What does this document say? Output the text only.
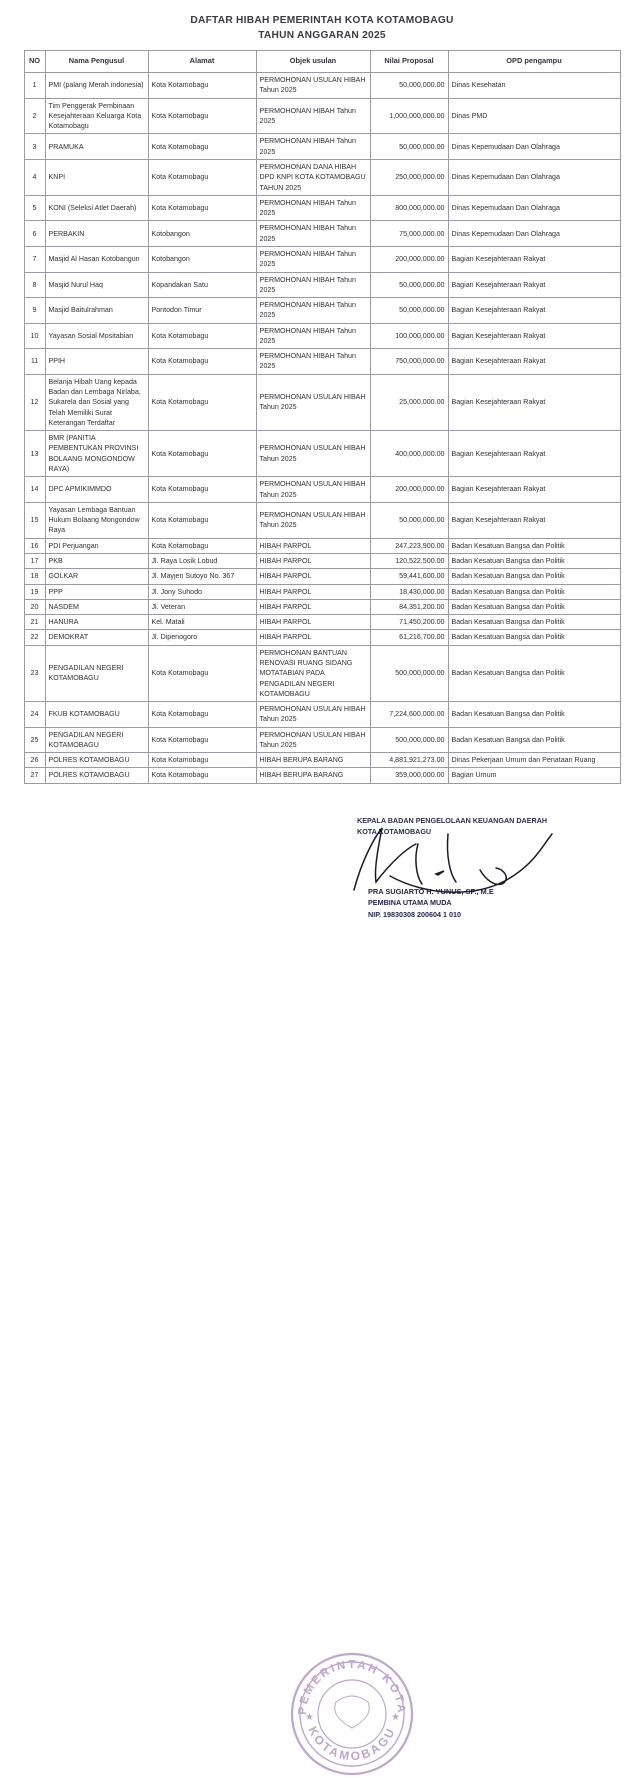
DAFTAR HIBAH PEMERINTAH KOTA KOTAMOBAGU
TAHUN ANGGARAN 2025
NO	Nama Pengusul	Alamat	Objek usulan	Nilai Proposal	OPD pengampu
1	PMI (palang Merah indonesia)	Kota Kotamobagu	PERMOHONAN USULAN HIBAH Tahun 2025	50,000,000.00	Dinas Kesehatan
2	Tim Penggerak Pembinaan Kesejahteraan Keluarga Kota Kotamobagu	Kota Kotamobagu	PERMOHONAN HIBAH Tahun 2025	1,000,000,000.00	Dinas PMD
3	PRAMUKA	Kota Kotamobagu	PERMOHONAN HIBAH Tahun 2025	50,000,000.00	Dinas Kepemudaan Dan Olahraga
4	KNPI	Kota Kotamobagu	PERMOHONAN DANA HIBAH DPD KNPI KOTA KOTAMOBAGU TAHUN 2025	250,000,000.00	Dinas Kepemudaan Dan Olahraga
5	KONI (Seleksi Atlet Daerah)	Kota Kotamobagu	PERMOHONAN HIBAH Tahun 2025	800,000,000.00	Dinas Kepemudaan Dan Olahraga
6	PERBAKIN	Kotobangon	PERMOHONAN HIBAH Tahun 2025	75,000,000.00	Dinas Kepemudaan Dan Olahraga
7	Masjid Al Hasan Kotobangun	Kotobangon	PERMOHONAN HIBAH Tahun 2025	200,000,000.00	Bagian Kesejahteraan Rakyat
8	Masjid Nurul Haq	Kopandakan Satu	PERMOHONAN HIBAH Tahun 2025	50,000,000.00	Bagian Kesejahteraan Rakyat
9	Masjid Baitulrahman	Pontodon Timur	PERMOHONAN HIBAH Tahun 2025	50,000,000.00	Bagian Kesejahteraan Rakyat
10	Yayasan Sosial Mositabian	Kota Kotamobagu	PERMOHONAN HIBAH Tahun 2025	100,000,000.00	Bagian Kesejahteraan Rakyat
11	PPIH	Kota Kotamobagu	PERMOHONAN HIBAH Tahun 2025	750,000,000.00	Bagian Kesejahteraan Rakyat
12	Belanja Hibah Uang kepada Badan dan Lembaga Nirlaba, Sukarela dan Sosial yang Telah Memiliki Surat Keterangan Terdaftar	Kota Kotamobagu	PERMOHONAN USULAN HIBAH Tahun 2025	25,000,000.00	Bagian Kesejahteraan Rakyat
13	BMR (PANITIA PEMBENTUKAN PROVINSI BOLAANG MONGONDOW RAYA)	Kota Kotamobagu	PERMOHONAN USULAN HIBAH Tahun 2025	400,000,000.00	Bagian Kesejahteraan Rakyat
14	DPC APMIKIMMDO	Kota Kotamobagu	PERMOHONAN USULAN HIBAH Tahun 2025	200,000,000.00	Bagian Kesejahteraan Rakyat
15	Yayasan Lembaga Bantuan Hukum Bolaang Mongondow Raya	Kota Kotamobagu	PERMOHONAN USULAN HIBAH Tahun 2025	50,000,000.00	Bagian Kesejahteraan Rakyat
16	PDI Perjuangan	Kota Kotamobagu	HIBAH PARPOL	247,223,900.00	Badan Kesatuan Bangsa dan Politik
17	PKB	Jl. Raya Losik Lobud	HIBAH PARPOL	120,522,500.00	Badan Kesatuan Bangsa dan Politik
18	GOLKAR	Jl. Mayjen Sutoyo No. 367	HIBAH PARPOL	59,441,600.00	Badan Kesatuan Bangsa dan Politik
19	PPP	Jl. Jony Suhodo	HIBAH PARPOL	18,430,000.00	Badan Kesatuan Bangsa dan Politik
20	NASDEM	Jl. Veteran	HIBAH PARPOL	84,351,200.00	Badan Kesatuan Bangsa dan Politik
21	HANURA	Kel. Matali	HIBAH PARPOL	71,450,200.00	Badan Kesatuan Bangsa dan Politik
22	DEMOKRAT	Jl. Dipenogoro	HIBAH PARPOL	61,216,700.00	Badan Kesatuan Bangsa dan Politik
23	PENGADILAN NEGERI KOTAMOBAGU	Kota Kotamobagu	PERMOHONAN BANTUAN RENOVASI RUANG SIDANG MOTATABIAN PADA PENGADILAN NEGERI KOTAMOBAGU	500,000,000.00	Badan Kesatuan Bangsa dan Politik
24	FKUB KOTAMOBAGU	Kota Kotamobagu	PERMOHONAN USULAN HIBAH Tahun 2025	7,224,600,000.00	Badan Kesatuan Bangsa dan Politik
25	PENGADILAN NEGERI KOTAMOBAGU	Kota Kotamobagu	PERMOHONAN USULAN HIBAH Tahun 2025	500,000,000.00	Badan Kesatuan Bangsa dan Politik
26	POLRES KOTAMOBAGU	Kota Kotamobagu	HIBAH BERUPA BARANG	4,881,921,273.00	Dinas Pekerjaan Umum dan Penataan Ruang
27	POLRES KOTAMOBAGU	Kota Kotamobagu	HIBAH BERUPA BARANG	359,000,000.00	Bagian Umum
PEMERINTAH KOTA
KOTAMOBAGU
★	★
KEPALA BADAN PENGELOLAAN KEUANGAN DAERAH
KOTA KOTAMOBAGU
PRA SUGIARTO H. YUNUS, SP., M.E
PEMBINA UTAMA MUDA
NIP. 19830308 200604 1 010
